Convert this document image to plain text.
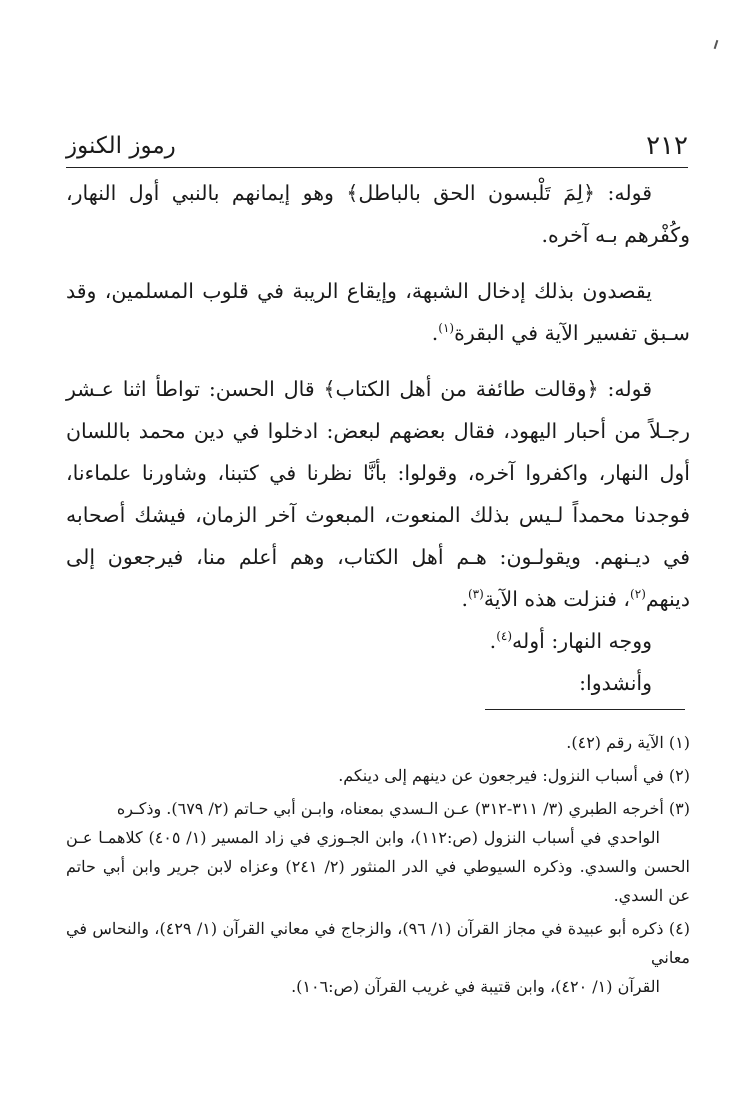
٢١٢
رموز الكنوز

قوله: ﴿لِمَ تَلْبسون الحق بالباطل﴾ وهو إيمانهم بالنبي أول النهار، وكُفْرهم بـه آخره.

يقصدون بذلك إدخال الشبهة، وإيقاع الريبة في قلوب المسلمين، وقد سـبق تفسير الآية في البقرة$^{(١)}$.

قوله: ﴿وقالت طائفة من أهل الكتاب﴾ قال الحسن: تواطأ اثنا عـشر رجـلاً من أحبار اليهود، فقال بعضهم لبعض: ادخلوا في دين محمد باللسان أول النهار، واكفروا آخره، وقولوا: بأنَّا نظرنا في كتبنا، وشاورنا علماءنا، فوجدنا محمداً لـيس بذلك المنعوت، المبعوث آخر الزمان، فيشك أصحابه في ديـنهم. ويقولـون: هـم أهل الكتاب، وهم أعلم منا، فيرجعون إلى دينهم$^{(٢)}$، فنزلت هذه الآية$^{(٣)}$.

ووجه النهار: أوله$^{(٤)}$.

وأنشدوا:

(١) الآية رقم (٤٢).

(٢) في أسباب النزول: فيرجعون عن دينهم إلى دينكم.

(٣) أخرجه الطبري (٣/ ٣١١-٣١٢) عـن الـسدي بمعناه، وابـن أبي حـاتم (٢/ ٦٧٩). وذكـره
الواحدي في أسباب النزول (ص:١١٢)، وابن الجـوزي في زاد المسير (١/ ٤٠٥) كلاهمـا عـن الحسن والسدي. وذكره السيوطي في الدر المنثور (٢/ ٢٤١) وعزاه لابن جرير وابن أبي حاتم عن السدي.

(٤) ذكره أبو عبيدة في مجاز القرآن (١/ ٩٦)، والزجاج في معاني القرآن (١/ ٤٢٩)، والنحاس في معاني
القرآن (١/ ٤٢٠)، وابن قتيبة في غريب القرآن (ص:١٠٦).
